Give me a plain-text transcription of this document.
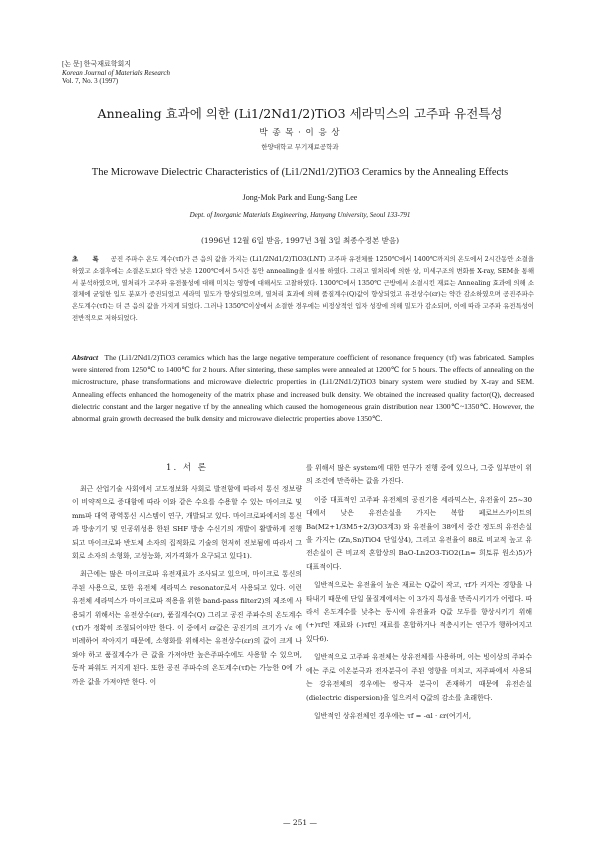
[논 문] 한국재료학회지
Korean Journal of Materials Research
Vol. 7, No. 3 (1997)
Annealing 효과에 의한 (Li1/2Nd1/2)TiO3 세라믹스의 고주파 유전특성
박 종 목 · 이 응 상
한양대학교 무기재료공학과
The Microwave Dielectric Characteristics of (Li1/2Nd1/2)TiO3 Ceramics by the Annealing Effects
Jong-Mok Park and Eung-Sang Lee
Dept. of Inorganic Materials Engineering, Hanyang University, Seoul 133-791
(1996년 12월 6일 받음, 1997년 3월 3일 최종수정본 받음)
초 록 공진 주파수 온도 계수(τf)가 큰 음의 값을 가지는 (Li1/2Nd1/2)TiO3(LNT) 고주파 유전체를 1250℃에서 1400℃까지의 온도에서 2시간동안 소결을 하였고 소결후에는 소결온도보다 약간 낮은 1200℃에서 5시간 동안 annealing을 실시를 하였다. 그리고 열처리에 의한 상, 미세구조의 변화를 X-ray, SEM을 통해서 분석하였으며, 열처리가 고주파 유전물성에 대해 미치는 영향에 대해서도 고찰하였다. 1300℃에서 1350℃ 근방에서 소결시킨 재료는 Annealing 효과에 의해 소결체에 균일한 입도 분포가 증진되었고 세라믹 밀도가 향상되었으며, 열처리 효과에 의해 품질계수(Q)값이 향상되었고 유전상수(εr)는 약간 감소하였으며 공진주파수 온도계수(τf)는 더 큰 음의 값을 가지게 되었다. 그러나 1350℃이상에서 소결한 경우에는 비정상적인 입자 성장에 의해 밀도가 감소되며, 이에 따라 고주파 유전특성이 전반적으로 저하되었다.
Abstract The (Li1/2Nd1/2)TiO3 ceramics which has the large negative temperature coefficient of resonance frequency (τf) was fabricated. Samples were sintered from 1250℃ to 1400℃ for 2 hours. After sintering, these samples were annealed at 1200℃ for 5 hours. The effects of annealing on the microstructure, phase transformations and microwave dielectric properties in (Li1/2Nd1/2)TiO3 binary system were studied by X-ray and SEM. Annealing effects enhanced the homogeneity of the matrix phase and increased bulk density. We obtained the increased quality factor(Q), decreased dielectric constant and the larger negative τf by the annealing which caused the homogeneous grain distribution near 1300℃~1350℃. However, the abnormal grain growth decreased the bulk density and microwave dielectric properties above 1350℃.
1. 서 론

최근 산업기술 사회에서 고도정보화 사회로 발전함에 따라서 통신 정보량이 비약적으로 증대함에 따라 이와 같은 수요를 수용할 수 있는 마이크로 및 mm파 대역 광역통신 시스템이 연구, 개발되고 있다. 마이크로파에서의 통신과 방송기기 및 인공위성용 한된 SHF 방송 수신기의 개발이 활발하게 진행되고 마이크로파 반도체 소자의 집적화로 기술의 현저히 진보됨에 따라서 그 회로 소자의 소형화, 고성능화, 저가격화가 요구되고 있다1).

최근에는 많은 마이크로파 유전재료가 조사되고 있으며, 마이크로 통신의 주된 사용으로, 또한 유전체 세라믹스 resonator로서 사용되고 있다. 이런 유전체 세라믹스가 마이크로파 적용을 위한 band-pass filter2)의 제조에 사용되기 위해서는 유전상수(εr), 품질계수(Q) 그리고 공진 주파수의 온도계수(τf)가 정확히 조절되어야만 한다. 이 중에서 εr값은 공진기의 크기가 √ε 에 비례하여 작아지기 때문에, 소형화를 위해서는 유전상수(εr)의 값이 크게 나와야 하고 품질계수가 큰 값을 가져야만 높은주파수에도 사용할 수 있으며, 동작 파워도 커지게 된다. 또한 공진 주파수의 온도계수(τf)는 가능한 0에 가까운 값을 가져야만 한다. 이

를 위해서 많은 system에 대한 연구가 진행 중에 있으나, 그중 일부만이 위의 조건에 만족하는 값을 가진다.

이중 대표적인 고주파 유전체의 공진기용 세라믹스는, 유전율이 25~30대에서 낮은 유전손실을 가지는 복합 페로브스카이트의 Ba(M2+1/3M5+2/3)O3계3) 와 유전율이 38에서 중간 정도의 유전손실을 가지는 (Zn,Sn)TiO4 단일상4), 그리고 유전율이 88로 비교적 높고 유전손실이 큰 비교적 혼합상의 BaO-Ln2O3-TiO2(Ln= 희토류 원소)5)가 대표적이다.

일반적으로는 유전율이 높은 재료는 Q값이 작고, τf가 커지는 경향을 나타내기 때문에 단일 물질계에서는 이 3가지 특성을 만족시키기가 어렵다. 따라서 온도계수를 낮추는 동시에 유전율과 Q값 모두를 향상시키기 위해 (+)τf인 재료와 (-)τf인 재료를 혼합하거나 적층시키는 연구가 행하여지고 있다6).

일반적으로 고주파 유전체는 상유전체를 사용하며, 이는 빙이상의 주파수에는 주로 이온분극과 전자분극이 주된 영향을 미치고, 저주파에서 사용되는 강유전체의 경우에는 쌍극자 분극이 존재하기 때문에 유전손실(dielectric dispersion)을 일으켜서 Q값의 감소를 초래한다.

일반적인 상유전체인 경우에는 τf = -αl · εr(여기서,

— 251 —
